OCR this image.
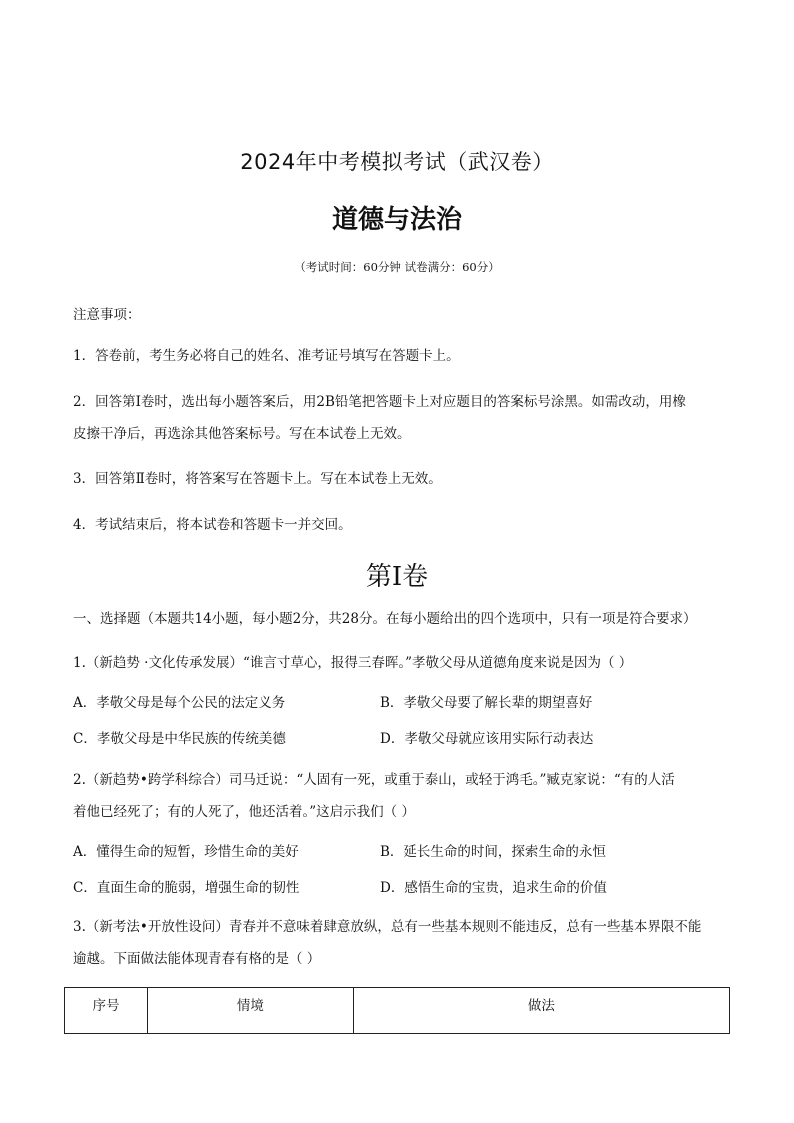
2024年中考模拟考试（武汉卷）
道德与法治
（考试时间：60分钟 试卷满分：60分）
注意事项：
1．答卷前，考生务必将自己的姓名、准考证号填写在答题卡上。
2．回答第Ⅰ卷时，选出每小题答案后，用2B铅笔把答题卡上对应题目的答案标号涂黑。如需改动，用橡
皮擦干净后，再选涂其他答案标号。写在本试卷上无效。
3．回答第Ⅱ卷时，将答案写在答题卡上。写在本试卷上无效。
4．考试结束后，将本试卷和答题卡一并交回。
第Ⅰ卷
一、选择题（本题共14小题，每小题2分，共28分。在每小题给出的四个选项中，只有一项是符合要求）
1.（新趋势 ·文化传承发展）“谁言寸草心，报得三春晖。”孝敬父母从道德角度来说是因为（ ）
A．孝敬父母是每个公民的法定义务	B．孝敬父母要了解长辈的期望喜好
C．孝敬父母是中华民族的传统美德	D．孝敬父母就应该用实际行动表达
2.（新趋势•跨学科综合）司马迁说：“人固有一死，或重于泰山，或轻于鸿毛。”臧克家说：“有的人活
着他已经死了；有的人死了，他还活着。”这启示我们（ ）
A．懂得生命的短暂，珍惜生命的美好	B．延长生命的时间，探索生命的永恒
C．直面生命的脆弱，增强生命的韧性	D．感悟生命的宝贵，追求生命的价值
3.（新考法•开放性设问）青春并不意味着肆意放纵，总有一些基本规则不能违反，总有一些基本界限不能
逾越。下面做法能体现青春有格的是（ ）
序号	情境	做法
